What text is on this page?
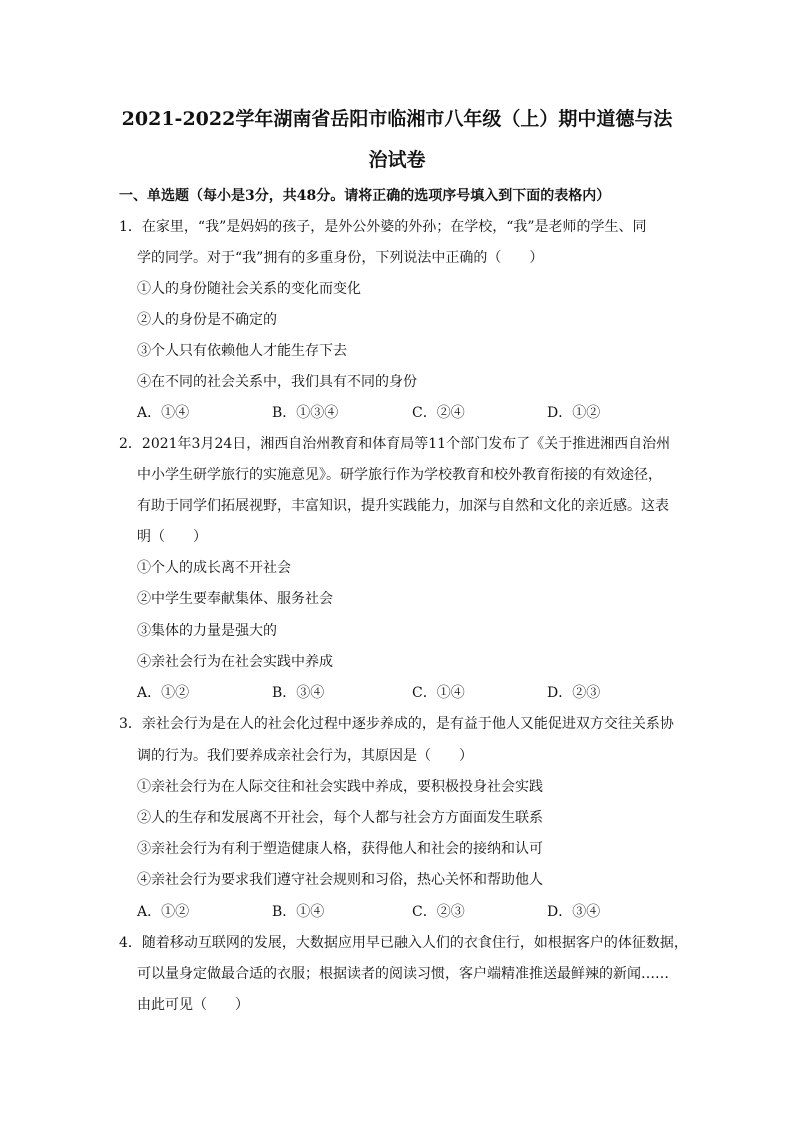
2021-2022学年湖南省岳阳市临湘市八年级（上）期中道德与法
治试卷
一、单选题（每小是3分，共48分。请将正确的选项序号填入到下面的表格内）
1．在家里，“我”是妈妈的孩子，是外公外婆的外孙；在学校，“我”是老师的学生、同
学的同学。对于“我”拥有的多重身份，下列说法中正确的（　　）
①人的身份随社会关系的变化而变化
②人的身份是不确定的
③个人只有依赖他人才能生存下去
④在不同的社会关系中，我们具有不同的身份
A．①④	B．①③④	C．②④	D．①②
2．2021年3月24日，湘西自治州教育和体育局等11个部门发布了《关于推进湘西自治州
中小学生研学旅行的实施意见》。研学旅行作为学校教育和校外教育衔接的有效途径，
有助于同学们拓展视野，丰富知识，提升实践能力，加深与自然和文化的亲近感。这表
明（　　）
①个人的成长离不开社会
②中学生要奉献集体、服务社会
③集体的力量是强大的
④亲社会行为在社会实践中养成
A．①②	B．③④	C．①④	D．②③
3．亲社会行为是在人的社会化过程中逐步养成的，是有益于他人又能促进双方交往关系协
调的行为。我们要养成亲社会行为，其原因是（　　）
①亲社会行为在人际交往和社会实践中养成，要积极投身社会实践
②人的生存和发展离不开社会，每个人都与社会方方面面发生联系
③亲社会行为有利于塑造健康人格，获得他人和社会的接纳和认可
④亲社会行为要求我们遵守社会规则和习俗，热心关怀和帮助他人
A．①②	B．①④	C．②③	D．③④
4．随着移动互联网的发展，大数据应用早已融入人们的衣食住行，如根据客户的体征数据，
可以量身定做最合适的衣服；根据读者的阅读习惯，客户端精准推送最鲜辣的新闻……
由此可见（　　）
